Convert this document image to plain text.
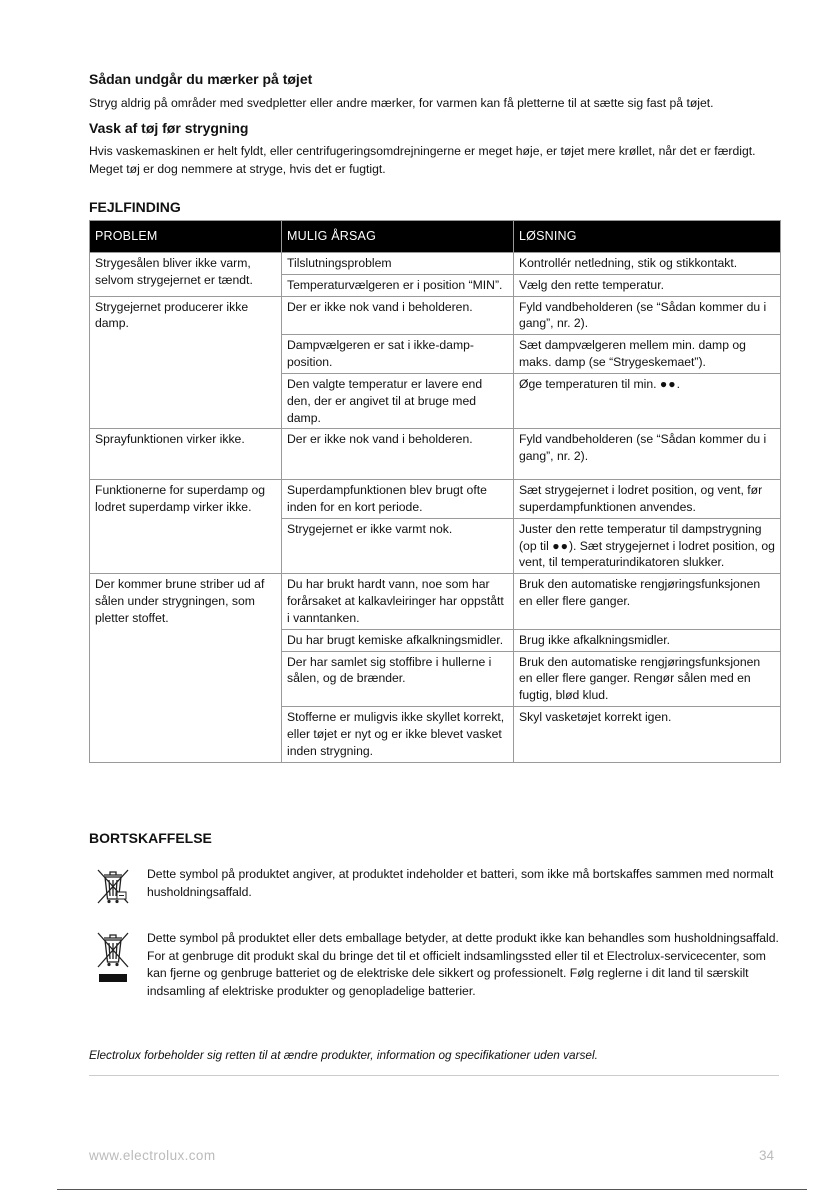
Sådan undgår du mærker på tøjet

Stryg aldrig på områder med svedpletter eller andre mærker, for varmen kan få pletterne til at sætte sig fast på tøjet.

Vask af tøj før strygning

Hvis vaskemaskinen er helt fyldt, eller centrifugeringsomdrejningerne er meget høje, er tøjet mere krøllet, når det er færdigt. Meget tøj er dog nemmere at stryge, hvis det er fugtigt.

FEJLFINDING
PROBLEM	MULIG ÅRSAG	LØSNING
Strygesålen bliver ikke varm, selvom strygejernet er tændt.	Tilslutningsproblem	Kontrollér netledning, stik og stikkontakt.
	Temperaturvælgeren er i position “MIN”.	Vælg den rette temperatur.
Strygejernet producerer ikke damp.	Der er ikke nok vand i beholderen.	Fyld vandbeholderen (se “Sådan kommer du i gang”, nr. 2).
	Dampvælgeren er sat i ikke-damp-position.	Sæt dampvælgeren mellem min. damp og maks. damp (se “Strygeskemaet”).
	Den valgte temperatur er lavere end den, der er angivet til at bruge med damp.	Øge temperaturen til min. ●●.
Sprayfunktionen virker ikke.	Der er ikke nok vand i beholderen.	Fyld vandbeholderen (se “Sådan kommer du i gang”, nr. 2).
Funktionerne for superdamp og lodret superdamp virker ikke.	Superdampfunktionen blev brugt ofte inden for en kort periode.	Sæt strygejernet i lodret position, og vent, før superdampfunktionen anvendes.
	Strygejernet er ikke varmt nok.	Juster den rette temperatur til dampstrygning (op til ●●). Sæt strygejernet i lodret position, og vent, til temperaturindikatoren slukker.
Der kommer brune striber ud af sålen under strygningen, som pletter stoffet.	Du har brukt hardt vann, noe som har forårsaket at kalkavleiringer har oppstått i vanntanken.	Bruk den automatiske rengjøringsfunksjonen en eller flere ganger.
	Du har brugt kemiske afkalkningsmidler.	Brug ikke afkalkningsmidler.
	Der har samlet sig stoffibre i hullerne i sålen, og de brænder.	Bruk den automatiske rengjøringsfunksjonen en eller flere ganger. Rengør sålen med en fugtig, blød klud.
	Stofferne er muligvis ikke skyllet korrekt, eller tøjet er nyt og er ikke blevet vasket inden strygning.	Skyl vasketøjet korrekt igen.
BORTSKAFFELSE

Dette symbol på produktet angiver, at produktet indeholder et batteri, som ikke må bortskaffes sammen med normalt husholdningsaffald.

Dette symbol på produktet eller dets emballage betyder, at dette produkt ikke kan behandles som husholdningsaffald. For at genbruge dit produkt skal du bringe det til et officielt indsamlingssted eller til et Electrolux-servicecenter, som kan fjerne og genbruge batteriet og de elektriske dele sikkert og professionelt. Følg reglerne i dit land til særskilt indsamling af elektriske produkter og genopladelige batterier.

Electrolux forbeholder sig retten til at ændre produkter, information og specifikationer uden varsel.

www.electrolux.com	34
